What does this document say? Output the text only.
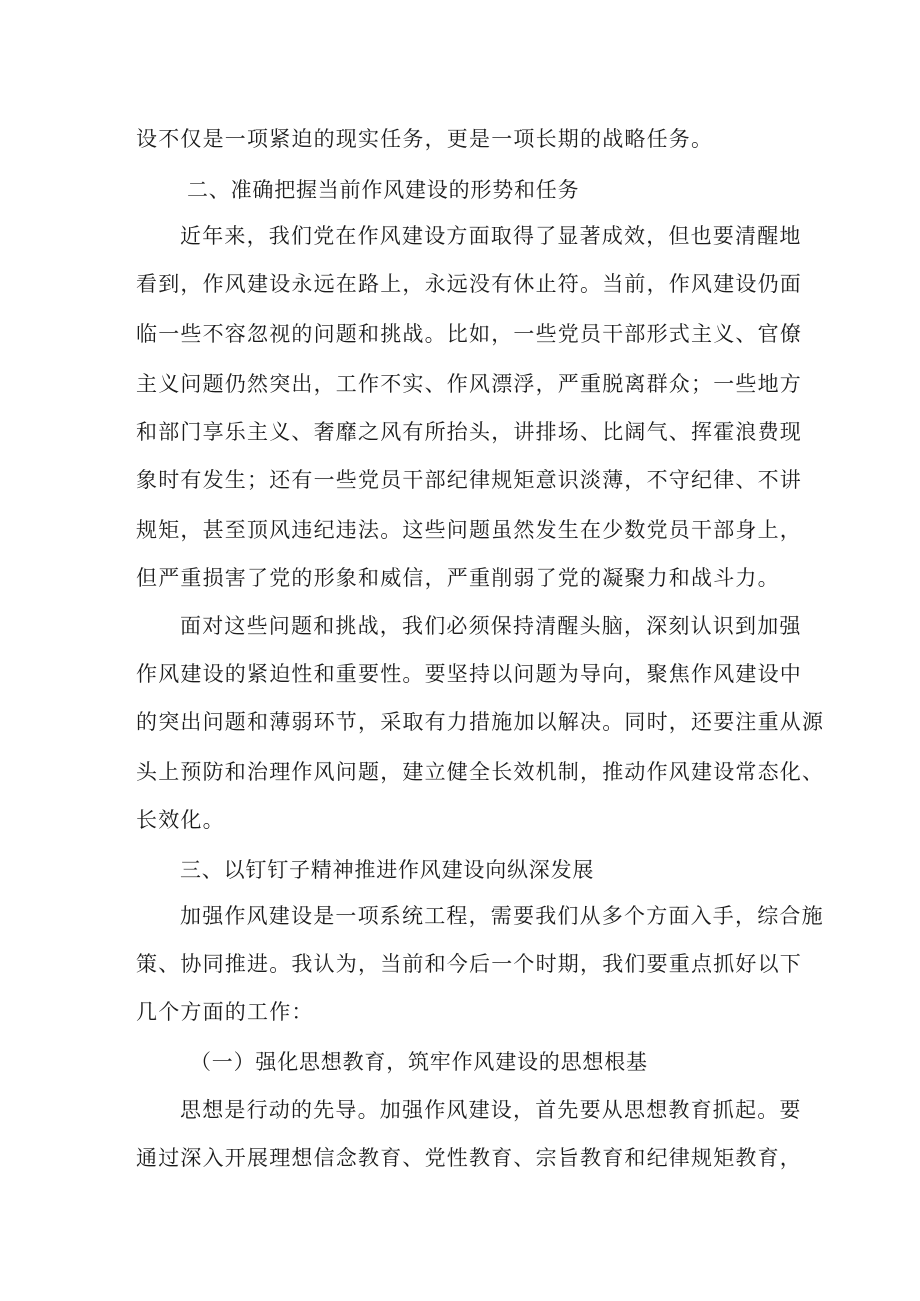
设不仅是一项紧迫的现实任务，更是一项长期的战略任务。
二、准确把握当前作风建设的形势和任务
近年来，我们党在作风建设方面取得了显著成效，但也要清醒地
看到，作风建设永远在路上，永远没有休止符。当前，作风建设仍面
临一些不容忽视的问题和挑战。比如，一些党员干部形式主义、官僚
主义问题仍然突出，工作不实、作风漂浮，严重脱离群众；一些地方
和部门享乐主义、奢靡之风有所抬头，讲排场、比阔气、挥霍浪费现
象时有发生；还有一些党员干部纪律规矩意识淡薄，不守纪律、不讲
规矩，甚至顶风违纪违法。这些问题虽然发生在少数党员干部身上，
但严重损害了党的形象和威信，严重削弱了党的凝聚力和战斗力。
面对这些问题和挑战，我们必须保持清醒头脑，深刻认识到加强
作风建设的紧迫性和重要性。要坚持以问题为导向，聚焦作风建设中
的突出问题和薄弱环节，采取有力措施加以解决。同时，还要注重从源
头上预防和治理作风问题，建立健全长效机制，推动作风建设常态化、
长效化。
三、以钉钉子精神推进作风建设向纵深发展
加强作风建设是一项系统工程，需要我们从多个方面入手，综合施
策、协同推进。我认为，当前和今后一个时期，我们要重点抓好以下
几个方面的工作：
（一）强化思想教育，筑牢作风建设的思想根基
思想是行动的先导。加强作风建设，首先要从思想教育抓起。要
通过深入开展理想信念教育、党性教育、宗旨教育和纪律规矩教育，
